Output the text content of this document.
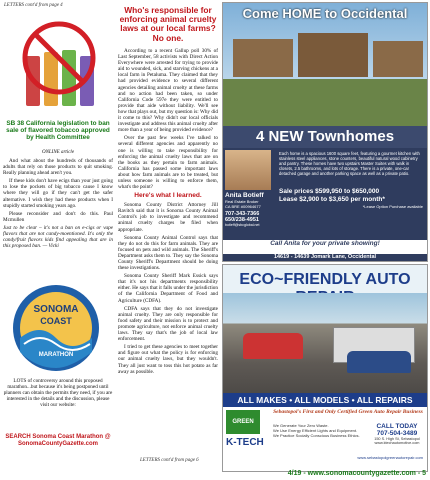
LETTERS cont'd from page 4
SB 38 California legislation to ban sale of flavored tobacco approved by Health Committee
ONLINE article

And what about the hundreds of thousands of adults that rely on those products to quit smoking. Really planning ahead aren't you.

If these kids don't have ecigs than your just going to lose the pockets of big tobacco cause I know where they will go if they can't get the safer alternative. I wish they had these products when I stupidly started smoking years ago.

Please reconsider and don't do this. Paul Mcmullen

Just to be clear – it's not a ban on e-cigs or vape flavors that are not candy-moentioned. It's only the candy/fruit flavors kids find appealing that are in this proposed ban. — Vicki

SONOMA
COAST
MARATHON
LOTS of controversy around this proposed marathon...but because it's being postponed until planners can obtain the permits they need, if you are interested in the details and the discussion, please visit our website:
SEARCH Sonoma Coast Marathon @ SonomaCountyGazette.com
Who's responsible for enforcing animal cruelty laws at our local farms? No one.

According to a recent Gallup poll 30% of Last September, 58 activists with Direct Action Everywhere were arrested for trying to provide aid to wounded, sick, and starving chickens at a local farm in Petaluma. They claimed that they had provided evidence to several different agencies detailing animal cruelty at these farms and no action had been taken, so under California Code 597e they were entitled to provide that aide without liability. We'll see how that plays out, but my question is: Why did it come to this? Why didn't our local officials investigate and address this animal cruelty after more than a year of being provided evidence?

Over the past few weeks I've talked to several different agencies and apparently no one is willing to take responsibility for enforcing the animal cruelty laws that are on the books as they pertain to farm animals. California has passed some important laws about how farm animals are to be treated, but unless someone is willing to enforce them, what's the point?

Here's what I learned.

Sonoma County District Attorney Jill Ravitch said that it is Sonoma County Animal Control's job to investigate and recommend animal cruelty charges be filed when appropriate.

Sonoma County Animal Control says that they do not do this for farm animals. They are focused on pets and wild animals. The Sheriff's Department asks them to. They say the Sonoma County Sheriff's Department should be doing these investigations.

Sonoma County Sheriff Mark Essick says that it's not his departments responsibility either. He says that it falls under the jurisdiction of the California Department of Food and Agriculture (CDFA).

CDFA says that they do not investigate animal cruelty. They are only responsible for food safety and their mission is to protect and promote agriculture, not enforce animal cruelty laws. They say that's the job of local law enforcement.

I tried to get these agencies to meet together and figure out what the policy is for enforcing our animal cruelty laws, but they wouldn't. They all just want to toss this hot potato as far away as possible.

LETTERS cont'd from page 6
Come HOME to Occidental
4 NEW Townhomes
Anita Botieff
Real Estate Broker
CA BRE #00964677
707-343-7366
650/238-4951
botieff@sbcglobal.net
Each home is a spacious 1600 square feet, featuring a gourmet kitchen with stainless steel appliances, stone counters, beautiful natural wood cabinetry and pantry. These homes have two upstairs Master Suites with walk in closets, 2.5 bathrooms, and lots of storage. There is a private, one-car detached garage and another parking space as well as a private patio.
Sale prices $599,950 to $650,000
Lease $2,900 to $3,650 per month*
*Lease Option Purchase available
Call Anita for your private showing!
14619 - 14639 Jomark Lane, Occidental
ECO~FRIENDLY AUTO
ALL MAKES • ALL MODELS • ALL REPAIRS
GREEN
K-TECH
Sebastopol's First and Only Certified Green Auto Repair Business
We Generate Your Zero Waste.
We Use Energy Efficient Lights and Equipment.
We Practice Socially Conscious Business Ethics.
CALL TODAY
707-504-3489
150 S. High St, Sebastopol
www.ktechautomotive.com
www.sebastopolgreenautorepair.com
4/19 - www.sonomacountygazette.com - 5
